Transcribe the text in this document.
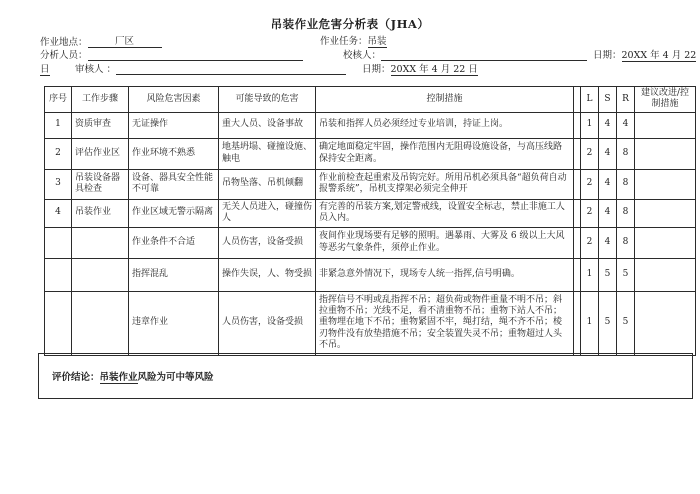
吊装作业危害分析表（JHA）
作业地点：	厂区	作业任务：吊装
分析人员：	校核人：	日期：20XX 年 4 月 22
日	审核人 ：	日期：20XX 年 4 月 22 日
序号	工作步骤	风险危害因素	可能导致的危害	控制措施		L	S	R	建议改进/控制措施
1	资质审查	无证操作	重大人员、设备事故	吊装和指挥人员必须经过专业培训，持证上岗。		1	4	4	
2	评估作业区	作业环境不熟悉	地基坍塌、碰撞设施、触电	确定地面稳定牢固，操作范围内无阻碍设施设备，与高压线路保持安全距离。		2	4	8	
3	吊装设备器具检查	设备、器具安全性能不可靠	吊物坠落、吊机倾翻	作业前检查起重索及吊钩完好。所用吊机必须具备“超负荷自动报警系统”，吊机支撑架必须完全伸开		2	4	8	
4	吊装作业	作业区域无警示隔离	无关人员进入，碰撞伤人	有完善的吊装方案,划定警戒线，设置安全标志，禁止非施工人员入内。		2	4	8	
		作业条件不合适	人员伤害，设备受损	夜间作业现场要有足够的照明。遇暴雨、大雾及 6 级以上大风等恶劣气象条件，须停止作业。		2	4	8	
		指挥混乱	操作失误，人、物受损	非紧急意外情况下，现场专人统一指挥,信号明确。		1	5	5	
		违章作业	人员伤害，设备受损	指挥信号不明或乱指挥不吊；超负荷或物件重量不明不吊；斜拉重物不吊；光线不足，看不清重物不吊；重物下站人不吊；重物埋在地下不吊；重物紧固不牢，绳打结，绳不齐不吊；棱刃物件没有放垫措施不吊；安全装置失灵不吊；重物超过人头不吊。		1	5	5	
评价结论：吊装作业风险为可中等风险
